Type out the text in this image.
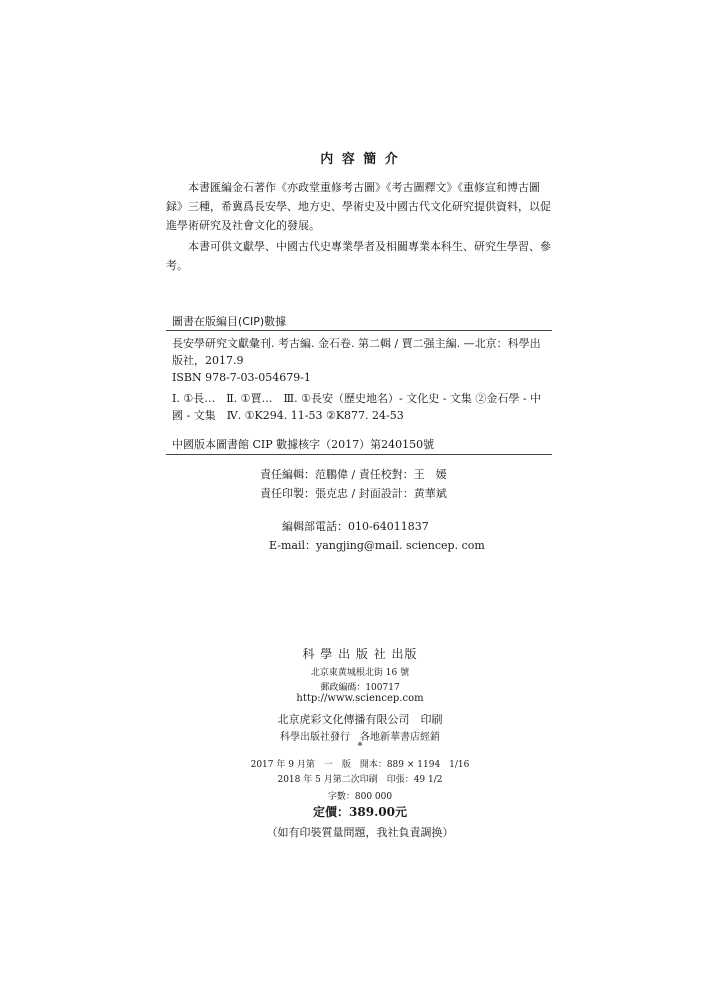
内 容 簡 介
本書匯編金石著作《亦政堂重修考古圖》《考古圖釋文》《重修宣和博古圖録》三種，希冀爲長安學、地方史、學術史及中國古代文化研究提供資料，以促進學術研究及社會文化的發展。
本書可供文獻學、中國古代史專業學者及相關專業本科生、研究生學習、參考。
圖書在版編目(CIP)數據
長安學研究文獻彙刊. 考古編. 金石卷. 第二輯 / 賈二强主編. —北京：科學出版社，2017.9
ISBN 978-7-03-054679-1
Ⅰ. ①長…　Ⅱ. ①賈…　Ⅲ. ①長安（歷史地名）- 文化史 - 文集 ②金石學 - 中國 - 文集　Ⅳ. ①K294. 11-53 ②K877. 24-53
中國版本圖書館 CIP 數據核字（2017）第240150號
責任編輯：范鵬偉 / 責任校對：王　媛
責任印製：張克忠 / 封面設計：黄華斌
編輯部電話：010-64011837
E-mail：yangjing@mail. sciencep. com
科 學 出 版 社 出版
北京東黄城根北街 16 號
郵政編碼：100717
http://www.sciencep.com
北京虎彩文化傳播有限公司　印刷
科學出版社發行　各地新華書店經銷
*
2017 年 9 月第　一　版　開本：889 × 1194　1/16
2018 年 5 月第二次印刷　印張：49 1/2
字數：800 000
定價：389.00元
（如有印裝質量問題，我社負責調换）
